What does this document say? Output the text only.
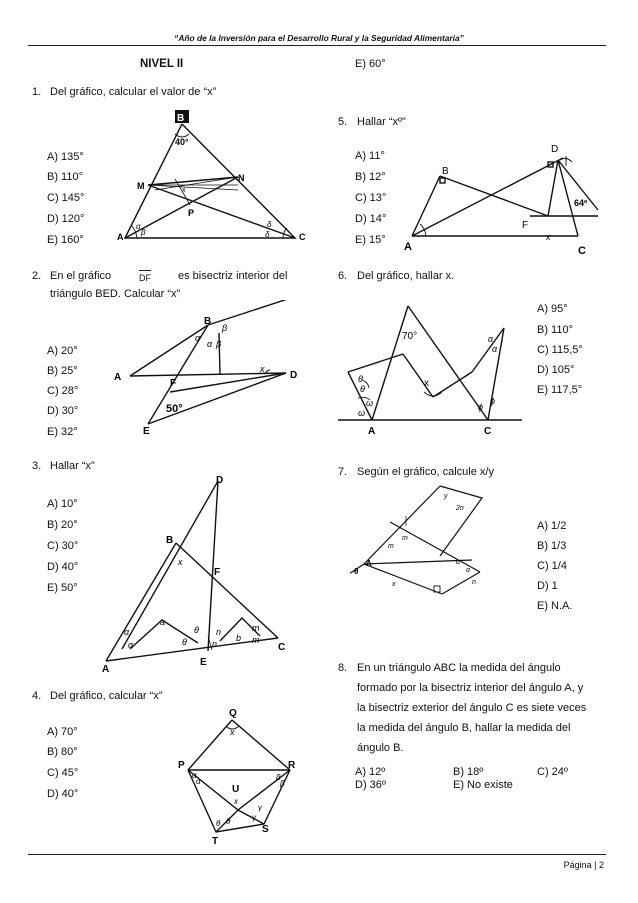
“Año de la Inversión para el Desarrollo Rural y la Seguridad Alimentaria”
NIVEL II
1. Del gráfico, calcular el valor de “x”
A) 135°
B) 110°
C) 145°
D) 120°
E) 160°
B
40°
M
N
P
A	C
α
β
δ
δ
x
2. En el gráfico	DF es bisectriz interior del
triángulo BED. Calcular “x”
A) 20°
B) 25°
C) 28°
D) 30°
E) 32°
B
A	D
F
E
50°
α
α β
β
x
3. Hallar “x”
A) 10°
B) 20°
C) 30°
D) 40°
E) 50°
D
B
F
A
E
C
x
α
α
a
θ
θ n
n
b
m
m
4. Del gráfico, calcular “x”
A) 70°
B) 80°
C) 45°
D) 40°
Q
P	R
U
S
T
x
α
α	β
β
x
θ θ
γ
γ
E) 60°
5. Hallar “xº”
A) 11°
B) 12°
C) 13°
D) 14°
E) 15°
D
B
F
A	C
64º
x
6. Del gráfico, hallar x.
A) 95°
B) 110°
C) 115,5°
D) 105°
E) 117,5°
A	C
70°
x
θ
θ
ω
ω
α
α
ϕ
ϕ
7. Según el gráfico, calcule x/y
A) 1/2
B) 1/3
C) 1/4
D) 1
E) N.A.
y
2n
m
m
A
θ
x
α
α
n
8. En un triángulo ABC la medida del ángulo
formado por la bisectriz interior del ángulo A, y
la bisectriz exterior del ángulo C es siete veces
la medida del ángulo B, hallar la medida del
ángulo B.
A) 12º	B) 18º	C) 24º
D) 36º	E) No existe
Página | 2
